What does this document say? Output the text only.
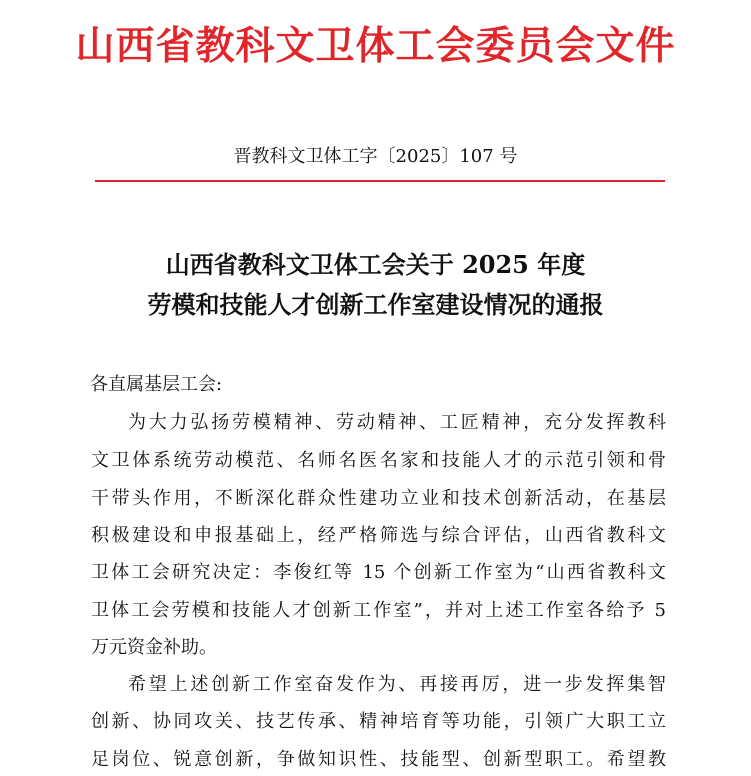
山西省教科文卫体工会委员会文件
晋教科文卫体工字〔2025〕107 号
山西省教科文卫体工会关于 2025 年度
劳模和技能人才创新工作室建设情况的通报
各直属基层工会:
为大力弘扬劳模精神、劳动精神、工匠精神，充分发挥教科
文卫体系统劳动模范、名师名医名家和技能人才的示范引领和骨
干带头作用，不断深化群众性建功立业和技术创新活动，在基层
积极建设和申报基础上，经严格筛选与综合评估，山西省教科文
卫体工会研究决定：李俊红等 15 个创新工作室为“山西省教科文
卫体工会劳模和技能人才创新工作室”，并对上述工作室各给予 5
万元资金补助。
希望上述创新工作室奋发作为、再接再厉，进一步发挥集智
创新、协同攻关、技艺传承、精神培育等功能，引领广大职工立
足岗位、锐意创新，争做知识性、技能型、创新型职工。希望教
